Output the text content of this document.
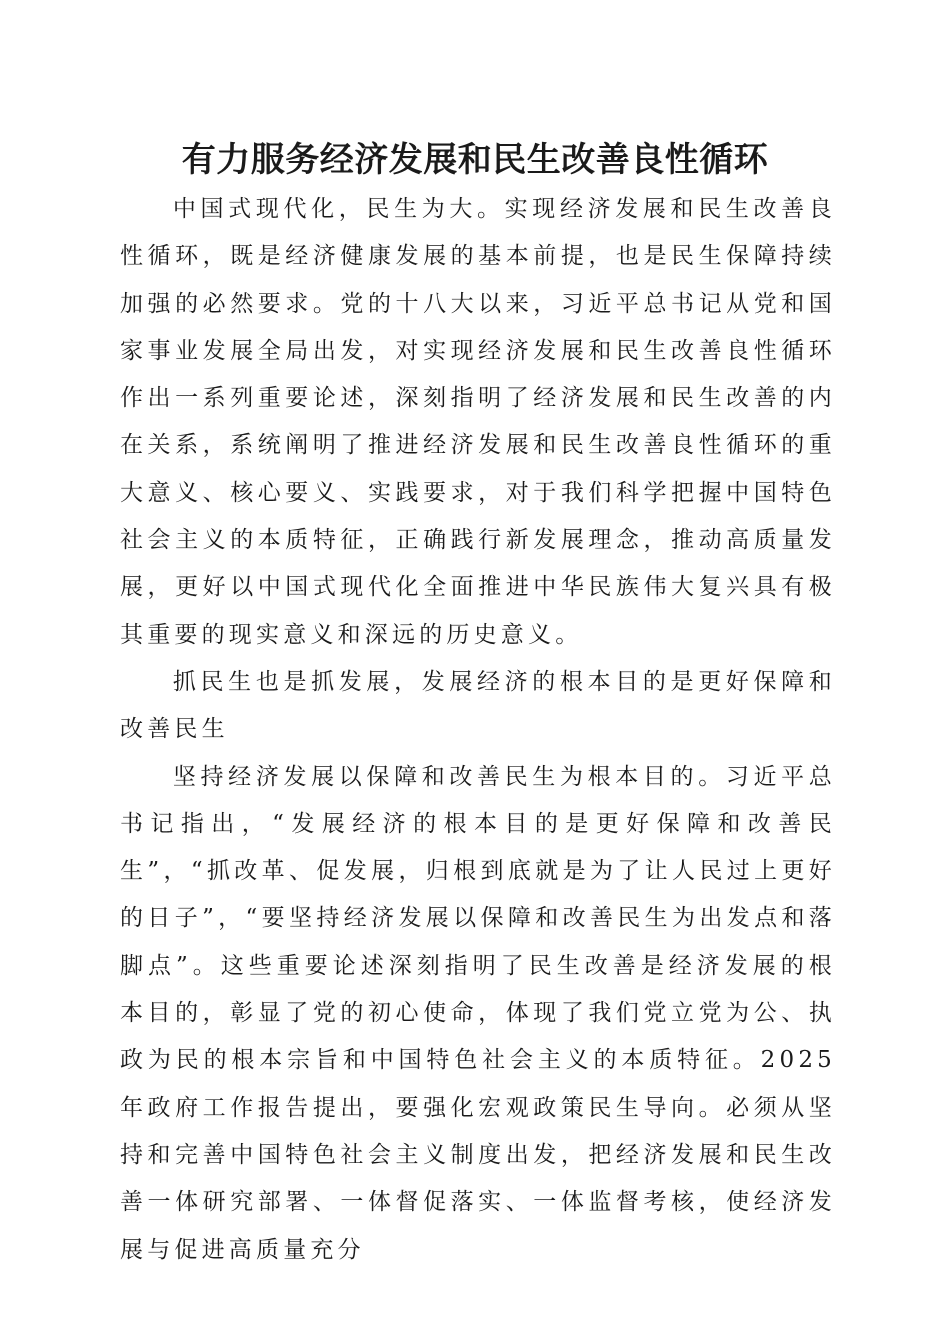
有力服务经济发展和民生改善良性循环

中国式现代化，民生为大。实现经济发展和民生改善良性循环，既是经济健康发展的基本前提，也是民生保障持续加强的必然要求。党的十八大以来，习近平总书记从党和国家事业发展全局出发，对实现经济发展和民生改善良性循环作出一系列重要论述，深刻指明了经济发展和民生改善的内在关系，系统阐明了推进经济发展和民生改善良性循环的重大意义、核心要义、实践要求，对于我们科学把握中国特色社会主义的本质特征，正确践行新发展理念，推动高质量发展，更好以中国式现代化全面推进中华民族伟大复兴具有极其重要的现实意义和深远的历史意义。

抓民生也是抓发展，发展经济的根本目的是更好保障和改善民生

坚持经济发展以保障和改善民生为根本目的。习近平总书记指出，“发展经济的根本目的是更好保障和改善民生”，“抓改革、促发展，归根到底就是为了让人民过上更好的日子”，“要坚持经济发展以保障和改善民生为出发点和落脚点”。这些重要论述深刻指明了民生改善是经济发展的根本目的，彰显了党的初心使命，体现了我们党立党为公、执政为民的根本宗旨和中国特色社会主义的本质特征。2025年政府工作报告提出，要强化宏观政策民生导向。必须从坚持和完善中国特色社会主义制度出发，把经济发展和民生改善一体研究部署、一体督促落实、一体监督考核，使经济发展与促进高质量充分
